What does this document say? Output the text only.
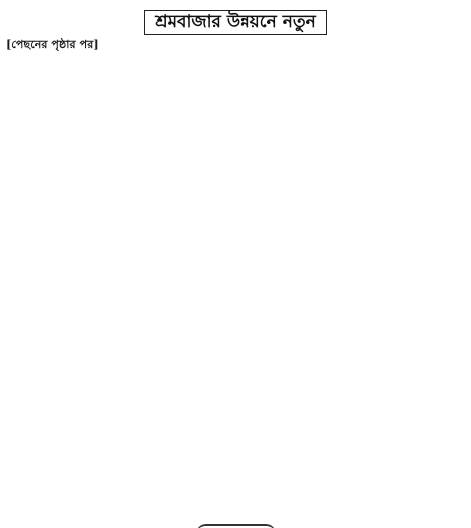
শ্রমবাজার উন্নয়নে নতুন
[পেছনের পৃষ্ঠার পর]
